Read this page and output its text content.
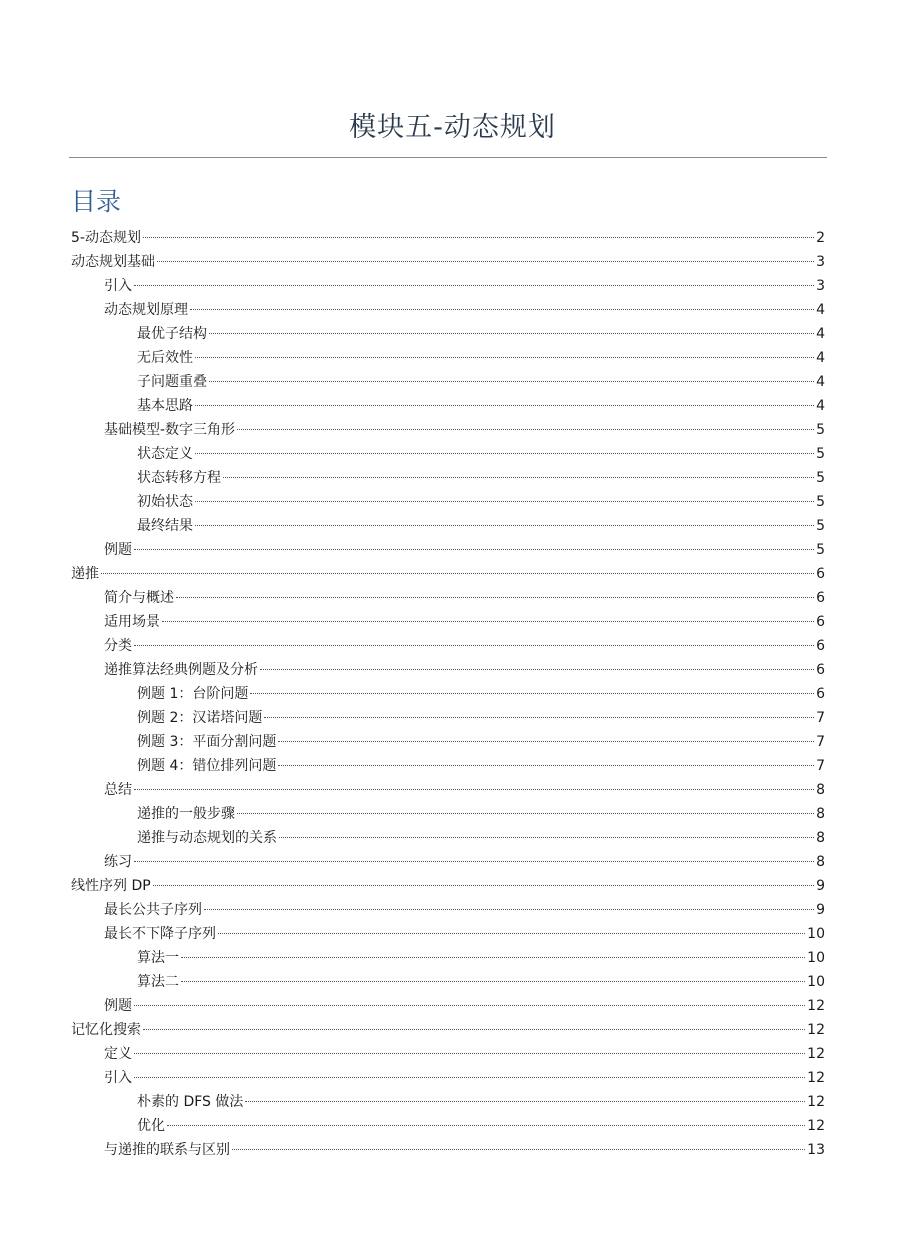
模块五-动态规划
目录
5-动态规划	2
动态规划基础	3
引入	3
动态规划原理	4
最优子结构	4
无后效性	4
子问题重叠	4
基本思路	4
基础模型-数字三角形	5
状态定义	5
状态转移方程	5
初始状态	5
最终结果	5
例题	5
递推	6
简介与概述	6
适用场景	6
分类	6
递推算法经典例题及分析	6
例题 1：台阶问题	6
例题 2：汉诺塔问题	7
例题 3：平面分割问题	7
例题 4：错位排列问题	7
总结	8
递推的一般步骤	8
递推与动态规划的关系	8
练习	8
线性序列 DP	9
最长公共子序列	9
最长不下降子序列	10
算法一	10
算法二	10
例题	12
记忆化搜索	12
定义	12
引入	12
朴素的 DFS 做法	12
优化	12
与递推的联系与区别	13
